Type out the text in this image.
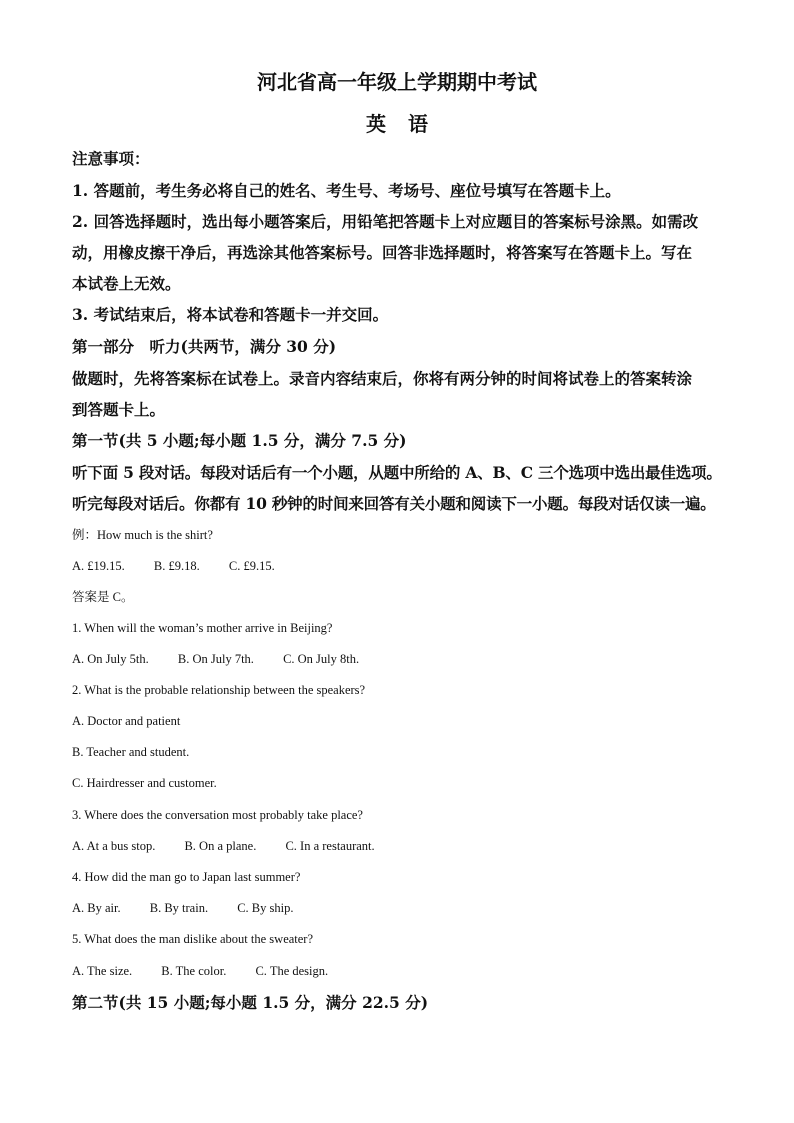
河北省高一年级上学期期中考试
英语
注意事项：
1. 答题前，考生务必将自己的姓名、考生号、考场号、座位号填写在答题卡上。
2. 回答选择题时，选出每小题答案后，用铅笔把答题卡上对应题目的答案标号涂黑。如需改
动，用橡皮擦干净后，再选涂其他答案标号。回答非选择题时，将答案写在答题卡上。写在
本试卷上无效。
3. 考试结束后，将本试卷和答题卡一并交回。
第一部分　听力(共两节，满分 30 分)
做题时，先将答案标在试卷上。录音内容结束后，你将有两分钟的时间将试卷上的答案转涂
到答题卡上。
第一节(共 5 小题;每小题 1.5 分，满分 7.5 分)
听下面 5 段对话。每段对话后有一个小题，从题中所给的 A、B、C 三个选项中选出最佳选项。
听完每段对话后。你都有 10 秒钟的时间来回答有关小题和阅读下一小题。每段对话仅读一遍。
例：How much is the shirt?
A. £19.15. B. £9.18. C. £9.15.
答案是 C。
1. When will the woman’s mother arrive in Beijing?
A. On July 5th. B. On July 7th. C. On July 8th.
2. What is the probable relationship between the speakers?
A. Doctor and patient
B. Teacher and student.
C. Hairdresser and customer.
3. Where does the conversation most probably take place?
A. At a bus stop. B. On a plane. C. In a restaurant.
4. How did the man go to Japan last summer?
A. By air. B. By train. C. By ship.
5. What does the man dislike about the sweater?
A. The size. B. The color. C. The design.
第二节(共 15 小题;每小题 1.5 分，满分 22.5 分)
